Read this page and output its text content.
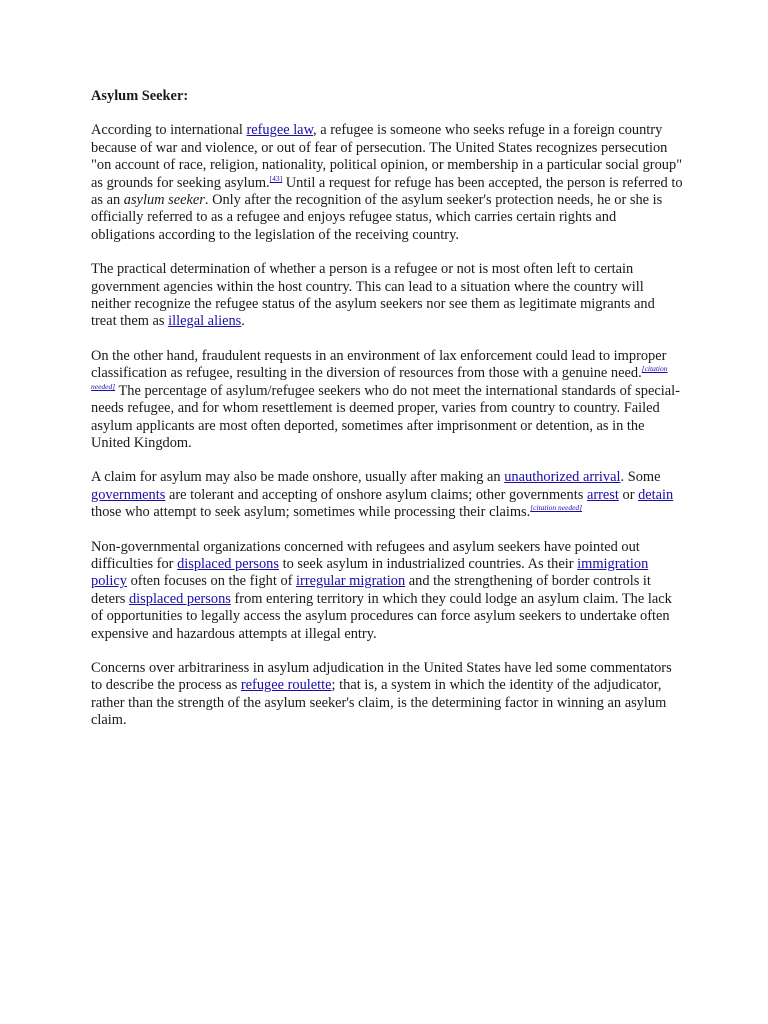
Asylum Seeker:

According to international refugee law, a refugee is someone who seeks refuge in a foreign country because of war and violence, or out of fear of persecution. The United States recognizes persecution "on account of race, religion, nationality, political opinion, or membership in a particular social group" as grounds for seeking asylum.[43] Until a request for refuge has been accepted, the person is referred to as an asylum seeker. Only after the recognition of the asylum seeker's protection needs, he or she is officially referred to as a refugee and enjoys refugee status, which carries certain rights and obligations according to the legislation of the receiving country.

The practical determination of whether a person is a refugee or not is most often left to certain government agencies within the host country. This can lead to a situation where the country will neither recognize the refugee status of the asylum seekers nor see them as legitimate migrants and treat them as illegal aliens.

On the other hand, fraudulent requests in an environment of lax enforcement could lead to improper classification as refugee, resulting in the diversion of resources from those with a genuine need.[citation needed] The percentage of asylum/refugee seekers who do not meet the international standards of special-needs refugee, and for whom resettlement is deemed proper, varies from country to country. Failed asylum applicants are most often deported, sometimes after imprisonment or detention, as in the United Kingdom.

A claim for asylum may also be made onshore, usually after making an unauthorized arrival. Some governments are tolerant and accepting of onshore asylum claims; other governments arrest or detain those who attempt to seek asylum; sometimes while processing their claims.[citation needed]

Non-governmental organizations concerned with refugees and asylum seekers have pointed out difficulties for displaced persons to seek asylum in industrialized countries. As their immigration policy often focuses on the fight of irregular migration and the strengthening of border controls it deters displaced persons from entering territory in which they could lodge an asylum claim. The lack of opportunities to legally access the asylum procedures can force asylum seekers to undertake often expensive and hazardous attempts at illegal entry.

Concerns over arbitrariness in asylum adjudication in the United States have led some commentators to describe the process as refugee roulette; that is, a system in which the identity of the adjudicator, rather than the strength of the asylum seeker's claim, is the determining factor in winning an asylum claim.
